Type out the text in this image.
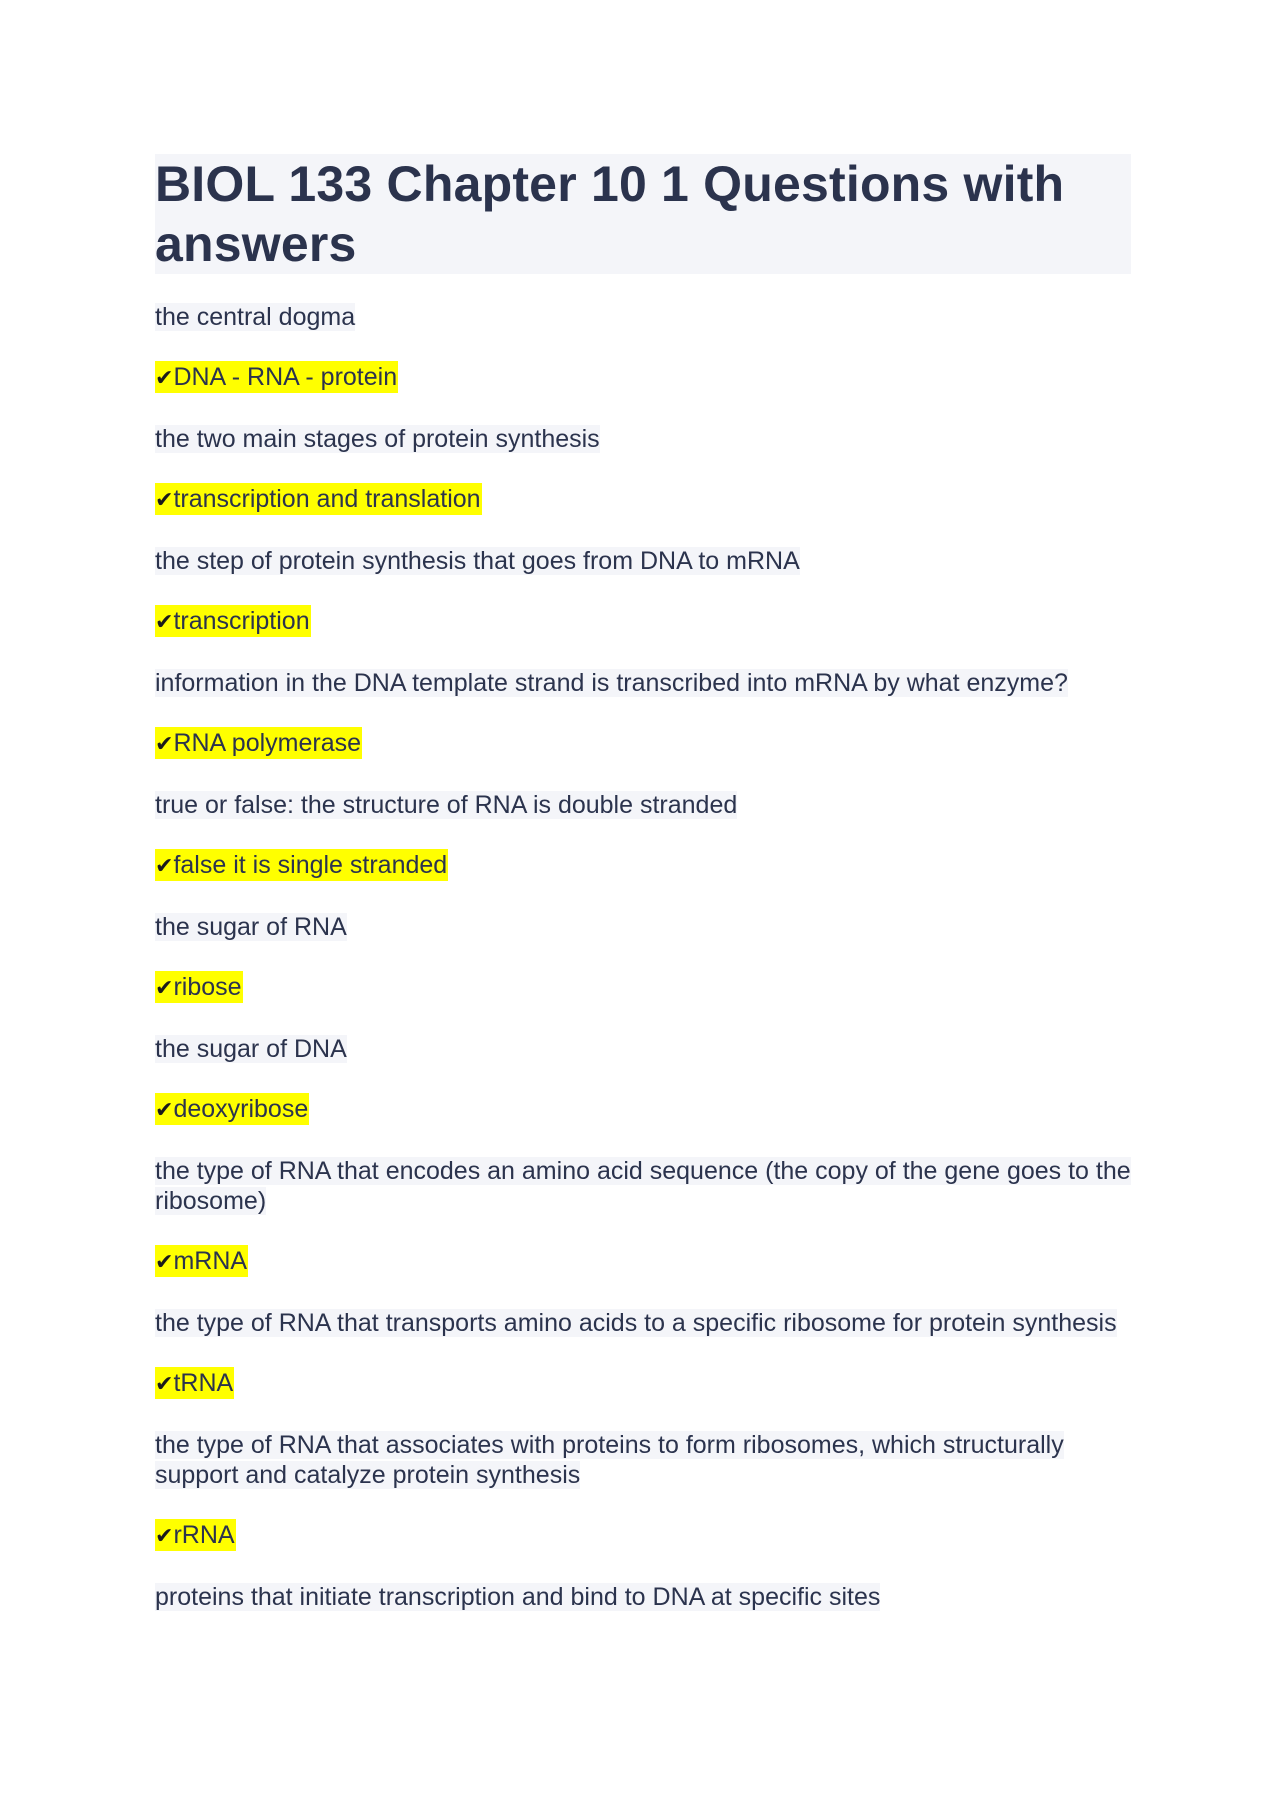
BIOL 133 Chapter 10 1 Questions with answers
the central dogma
✔DNA - RNA - protein
the two main stages of protein synthesis
✔transcription and translation
the step of protein synthesis that goes from DNA to mRNA
✔transcription
information in the DNA template strand is transcribed into mRNA by what enzyme?
✔RNA polymerase
true or false: the structure of RNA is double stranded
✔false it is single stranded
the sugar of RNA
✔ribose
the sugar of DNA
✔deoxyribose
the type of RNA that encodes an amino acid sequence (the copy of the gene goes to the ribosome)
✔mRNA
the type of RNA that transports amino acids to a specific ribosome for protein synthesis
✔tRNA
the type of RNA that associates with proteins to form ribosomes, which structurally support and catalyze protein synthesis
✔rRNA
proteins that initiate transcription and bind to DNA at specific sites
